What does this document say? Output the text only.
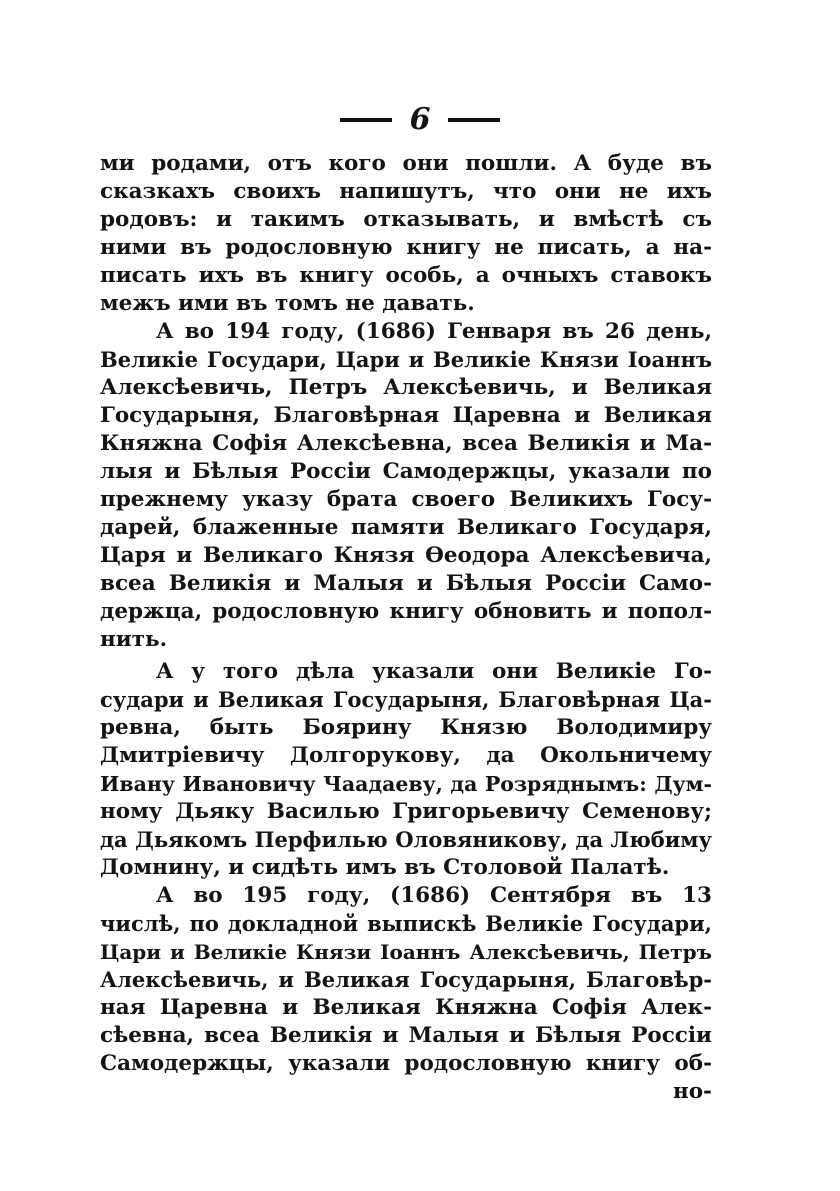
6
ми родами, отъ кого они пошли. А буде въ
сказкахъ своихъ напишутъ, что они не ихъ
родовъ: и такимъ отказывать, и вмѣстѣ съ
ними въ родословную книгу не писать, а на-
писать ихъ въ книгу особь, а очныхъ ставокъ
межъ ими въ томъ не давать.
А во 194 году, (1686) Генваря въ 26 день,
Великіе Государи, Цари и Великіе Князи Іоаннъ
Алексѣевичь, Петръ Алексѣевичь, и Великая
Государыня, Благовѣрная Царевна и Великая
Княжна Софія Алексѣевна, всеа Великія и Ма-
лыя и Бѣлыя Россіи Самодержцы, указали по
прежнему указу брата своего Великихъ Госу-
дарей, блаженные памяти Великаго Государя,
Царя и Великаго Князя Өеодора Алексѣевича,
всеа Великія и Малыя и Бѣлыя Россіи Само-
держца, родословную книгу обновить и попол-
нить.
А у того дѣла указали они Великіе Го-
судари и Великая Государыня, Благовѣрная Ца-
ревна, быть Боярину Князю Володимиру
Дмитріевичу Долгорукову, да Окольничему
Ивану Ивановичу Чаадаеву, да Розряднымъ: Дум-
ному Дьяку Василью Григорьевичу Семенову;
да Дьякомъ Перфилью Оловяникову, да Любиму
Домнину, и сидѣть имъ въ Столовой Палатѣ.
А во 195 году, (1686) Сентября въ 13
числѣ, по докладной выпискѣ Великіе Государи,
Цари и Великіе Князи Іоаннъ Алексѣевичь, Петръ
Алексѣевичь, и Великая Государыня, Благовѣр-
ная Царевна и Великая Княжна Софія Алек-
сѣевна, всеа Великія и Малыя и Бѣлыя Россіи
Самодержцы, указали родословную книгу об-
но-
